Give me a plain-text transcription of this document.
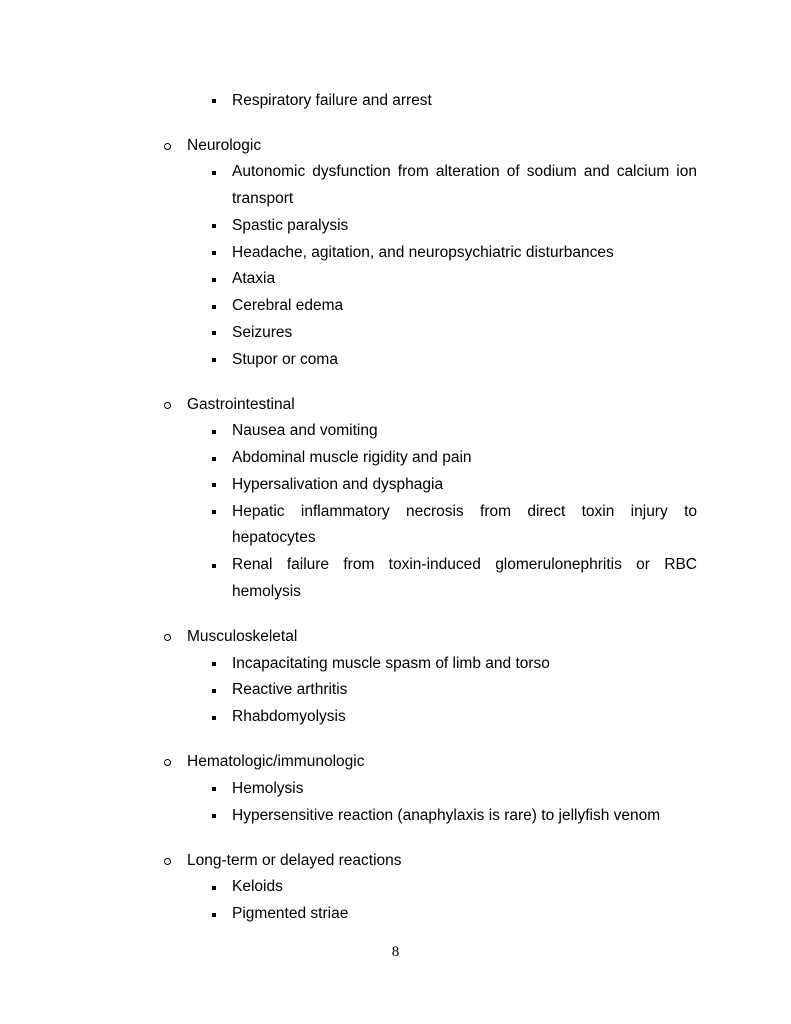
Respiratory failure and arrest
Neurologic
Autonomic dysfunction from alteration of sodium and calcium ion transport
Spastic paralysis
Headache, agitation, and neuropsychiatric disturbances
Ataxia
Cerebral edema
Seizures
Stupor or coma
Gastrointestinal
Nausea and vomiting
Abdominal muscle rigidity and pain
Hypersalivation and dysphagia
Hepatic inflammatory necrosis from direct toxin injury to hepatocytes
Renal failure from toxin-induced glomerulonephritis or RBC hemolysis
Musculoskeletal
Incapacitating muscle spasm of limb and torso
Reactive arthritis
Rhabdomyolysis
Hematologic/immunologic
Hemolysis
Hypersensitive reaction (anaphylaxis is rare) to jellyfish venom
Long-term or delayed reactions
Keloids
Pigmented striae
8
